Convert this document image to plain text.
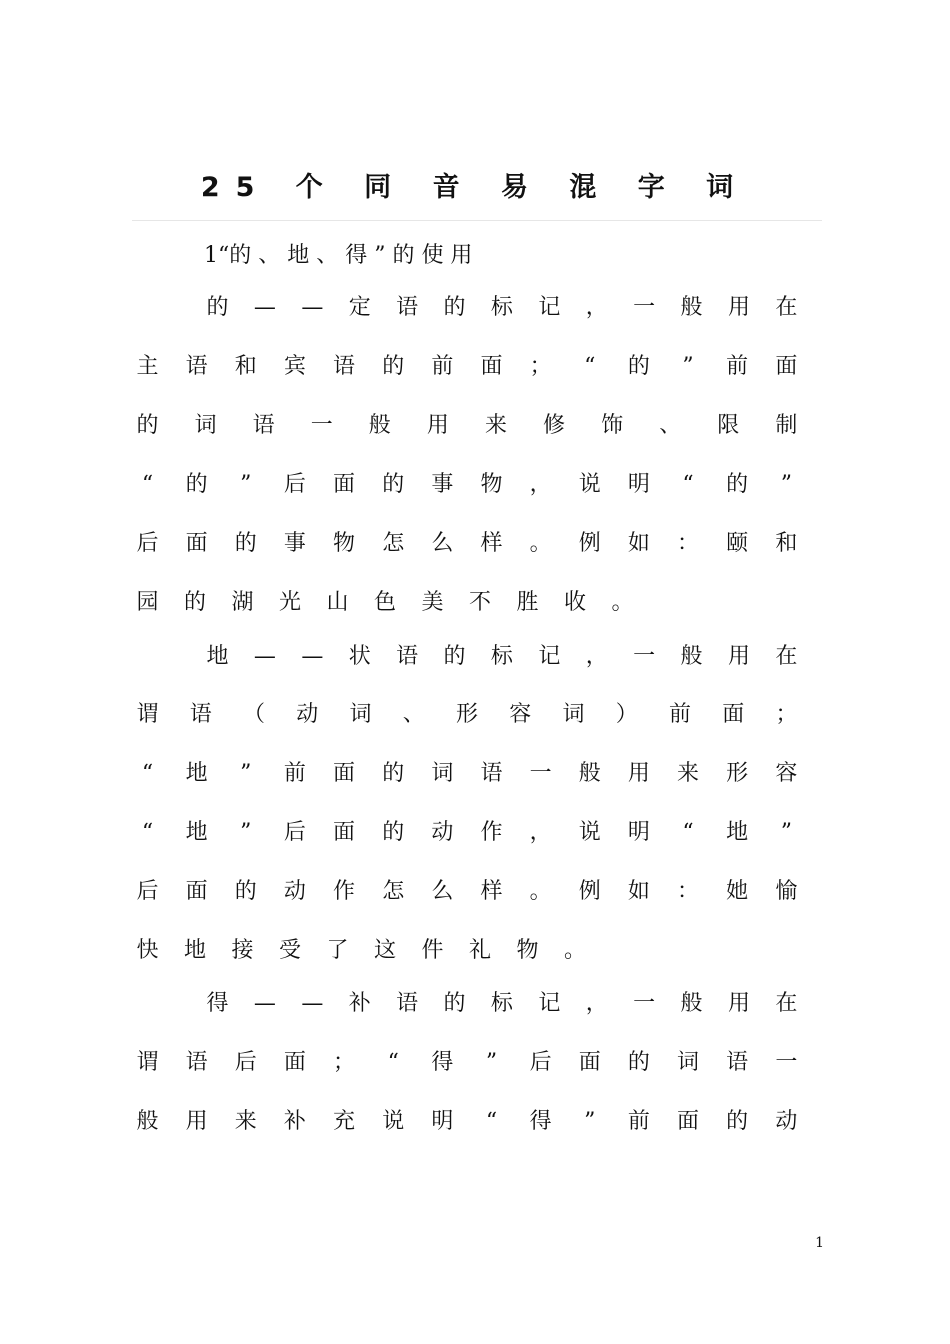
25 个 同 音 易 混 字 词
1“的 、 地 、 得 ” 的 使 用
的 — — 定 语 的 标 记 ， 一 般 用 在
主 语 和 宾 语 的 前 面 ；	“	的	”	前 面
的 词 语 一 般 用 来 修 饰 、 限 制
“	的	”	后 面 的 事 物 ， 说 明	“	的	”
后 面 的 事 物 怎 么 样 。 例 如 ： 颐 和
园 的 湖 光 山 色 美 不 胜 收 。
地 — — 状 语 的 标 记 ， 一 般 用 在
谓 语 （ 动 词 、 形 容 词 ） 前 面 ；
“	地	”	前 面 的 词 语 一 般 用 来 形 容
“	地	”	后 面 的 动 作 ， 说 明	“	地	”
后 面 的 动 作 怎 么 样 。 例 如 ： 她 愉
快 地 接 受 了 这 件 礼 物 。
得 — — 补 语 的 标 记 ， 一 般 用 在
谓 语 后 面 ；	“	得	”	后 面 的 词 语 一
般 用 来 补 充 说 明	“	得	”	前 面 的 动
1
